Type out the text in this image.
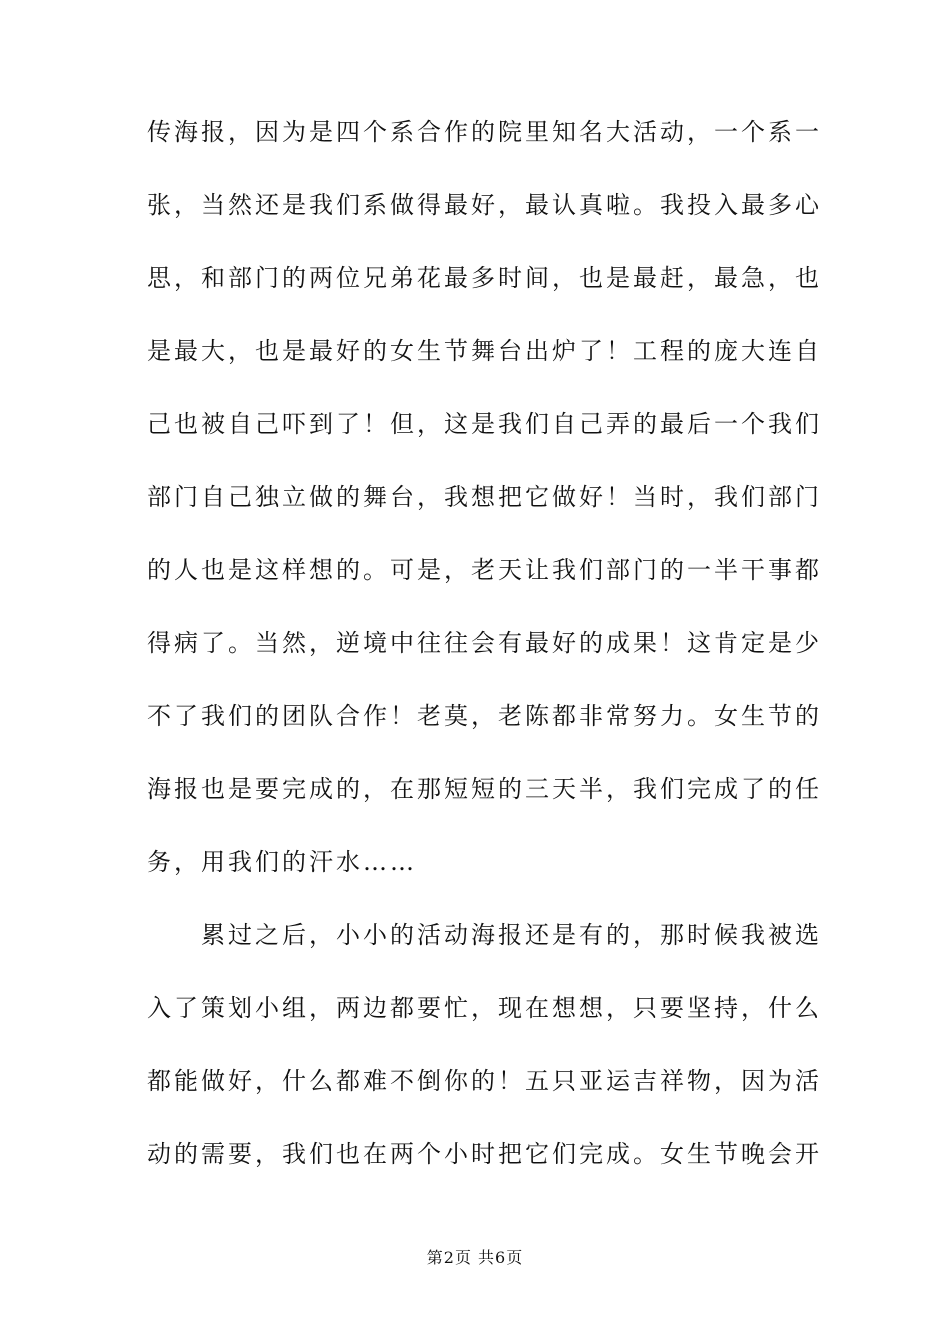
传海报，因为是四个系合作的院里知名大活动，一个系一
张，当然还是我们系做得最好，最认真啦。我投入最多心
思，和部门的两位兄弟花最多时间，也是最赶，最急，也
是最大，也是最好的女生节舞台出炉了！工程的庞大连自
己也被自己吓到了！但，这是我们自己弄的最后一个我们
部门自己独立做的舞台，我想把它做好！当时，我们部门
的人也是这样想的。可是，老天让我们部门的一半干事都
得病了。当然，逆境中往往会有最好的成果！这肯定是少
不了我们的团队合作！老莫，老陈都非常努力。女生节的
海报也是要完成的，在那短短的三天半，我们完成了的任
务，用我们的汗水……
　　累过之后，小小的活动海报还是有的，那时候我被选
入了策划小组，两边都要忙，现在想想，只要坚持，什么
都能做好，什么都难不倒你的！五只亚运吉祥物，因为活
动的需要，我们也在两个小时把它们完成。女生节晚会开
第2页 共6页
